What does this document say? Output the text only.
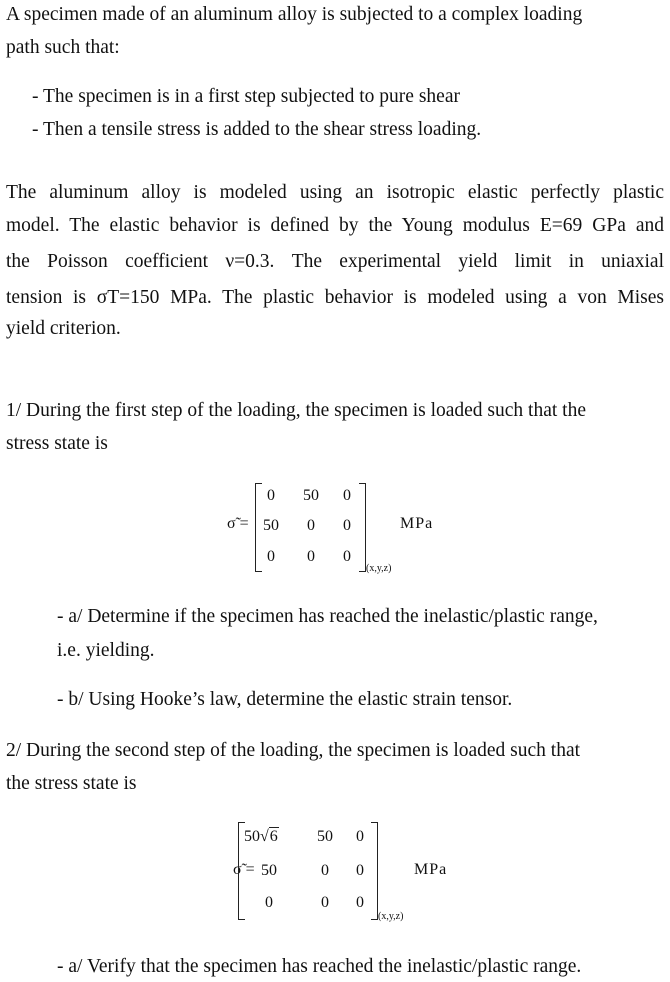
A specimen made of an aluminum alloy is subjected to a complex loading
path such that:
- The specimen is in a first step subjected to pure shear
- Then a tensile stress is added to the shear stress loading.
The aluminum alloy is modeled using an isotropic elastic perfectly plastic
model. The elastic behavior is defined by the Young modulus E=69 GPa and
the Poisson coefficient ν=0.3. The experimental yield limit in uniaxial
tension is σT=150 MPa. The plastic behavior is modeled using a von Mises
yield criterion.
1/ During the first step of the loading, the specimen is loaded such that the
stress state is
σ̃ =
0	50	0
50	0	0
0	0	0
(x,y,z)
MPa
- a/ Determine if the specimen has reached the inelastic/plastic range,
i.e. yielding.
- b/ Using Hooke’s law, determine the elastic strain tensor.
2/ During the second step of the loading, the specimen is loaded such that
the stress state is
σ̃ =
50√6	50	0
50	0	0
0	0	0
(x,y,z)
MPa
- a/ Verify that the specimen has reached the inelastic/plastic range.
